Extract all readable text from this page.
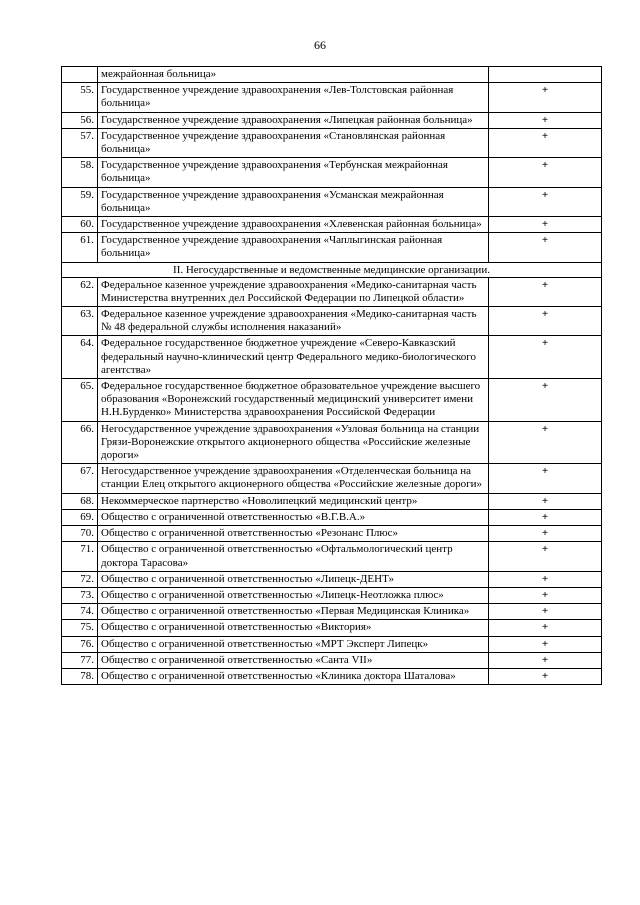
66
	межрайонная больница»	
55.	Государственное учреждение здравоохранения «Лев-Толстовская районная больница»	+
56.	Государственное учреждение здравоохранения «Липецкая районная больница»	+
57.	Государственное учреждение здравоохранения «Становлянская районная больница»	+
58.	Государственное учреждение здравоохранения «Тербунская межрайонная больница»	+
59.	Государственное учреждение здравоохранения «Усманская межрайонная больница»	+
60.	Государственное учреждение здравоохранения «Хлевенская районная больница»	+
61.	Государственное учреждение здравоохранения «Чаплыгинская районная больница»	+
II. Негосударственные и ведомственные медицинские организации.		
62.	Федеральное казенное учреждение здравоохранения «Медико-санитарная часть Министерства внутренних дел Российской Федерации по Липецкой области»	+
63.	Федеральное казенное учреждение здравоохранения «Медико-санитарная часть № 48 федеральной службы исполнения наказаний»	+
64.	Федеральное государственное бюджетное учреждение «Северо-Кавказский федеральный научно-клинический центр Федерального медико-биологического агентства»	+
65.	Федеральное государственное бюджетное образовательное учреждение высшего образования «Воронежский государственный медицинский университет имени Н.Н.Бурденко» Министерства здравоохранения Российской Федерации	+
66.	Негосударственное учреждение здравоохранения «Узловая больница на станции Грязи-Воронежские открытого акционерного общества «Российские железные дороги»	+
67.	Негосударственное учреждение здравоохранения «Отделенческая больница на станции Елец открытого акционерного общества «Российские железные дороги»	+
68.	Некоммерческое партнерство «Новолипецкий медицинский центр»	+
69.	Общество с ограниченной ответственностью «В.Г.В.А.»	+
70.	Общество с ограниченной ответственностью «Резонанс Плюс»	+
71.	Общество с ограниченной ответственностью «Офтальмологический центр доктора Тарасова»	+
72.	Общество с ограниченной ответственностью «Липецк-ДЕНТ»	+
73.	Общество с ограниченной ответственностью «Липецк-Неотложка плюс»	+
74.	Общество с ограниченной ответственностью «Первая Медицинская Клиника»	+
75.	Общество с ограниченной ответственностью «Виктория»	+
76.	Общество с ограниченной ответственностью «МРТ Эксперт Липецк»	+
77.	Общество с ограниченной ответственностью «Санта VII»	+
78.	Общество с ограниченной ответственностью «Клиника доктора Шаталова»	+
